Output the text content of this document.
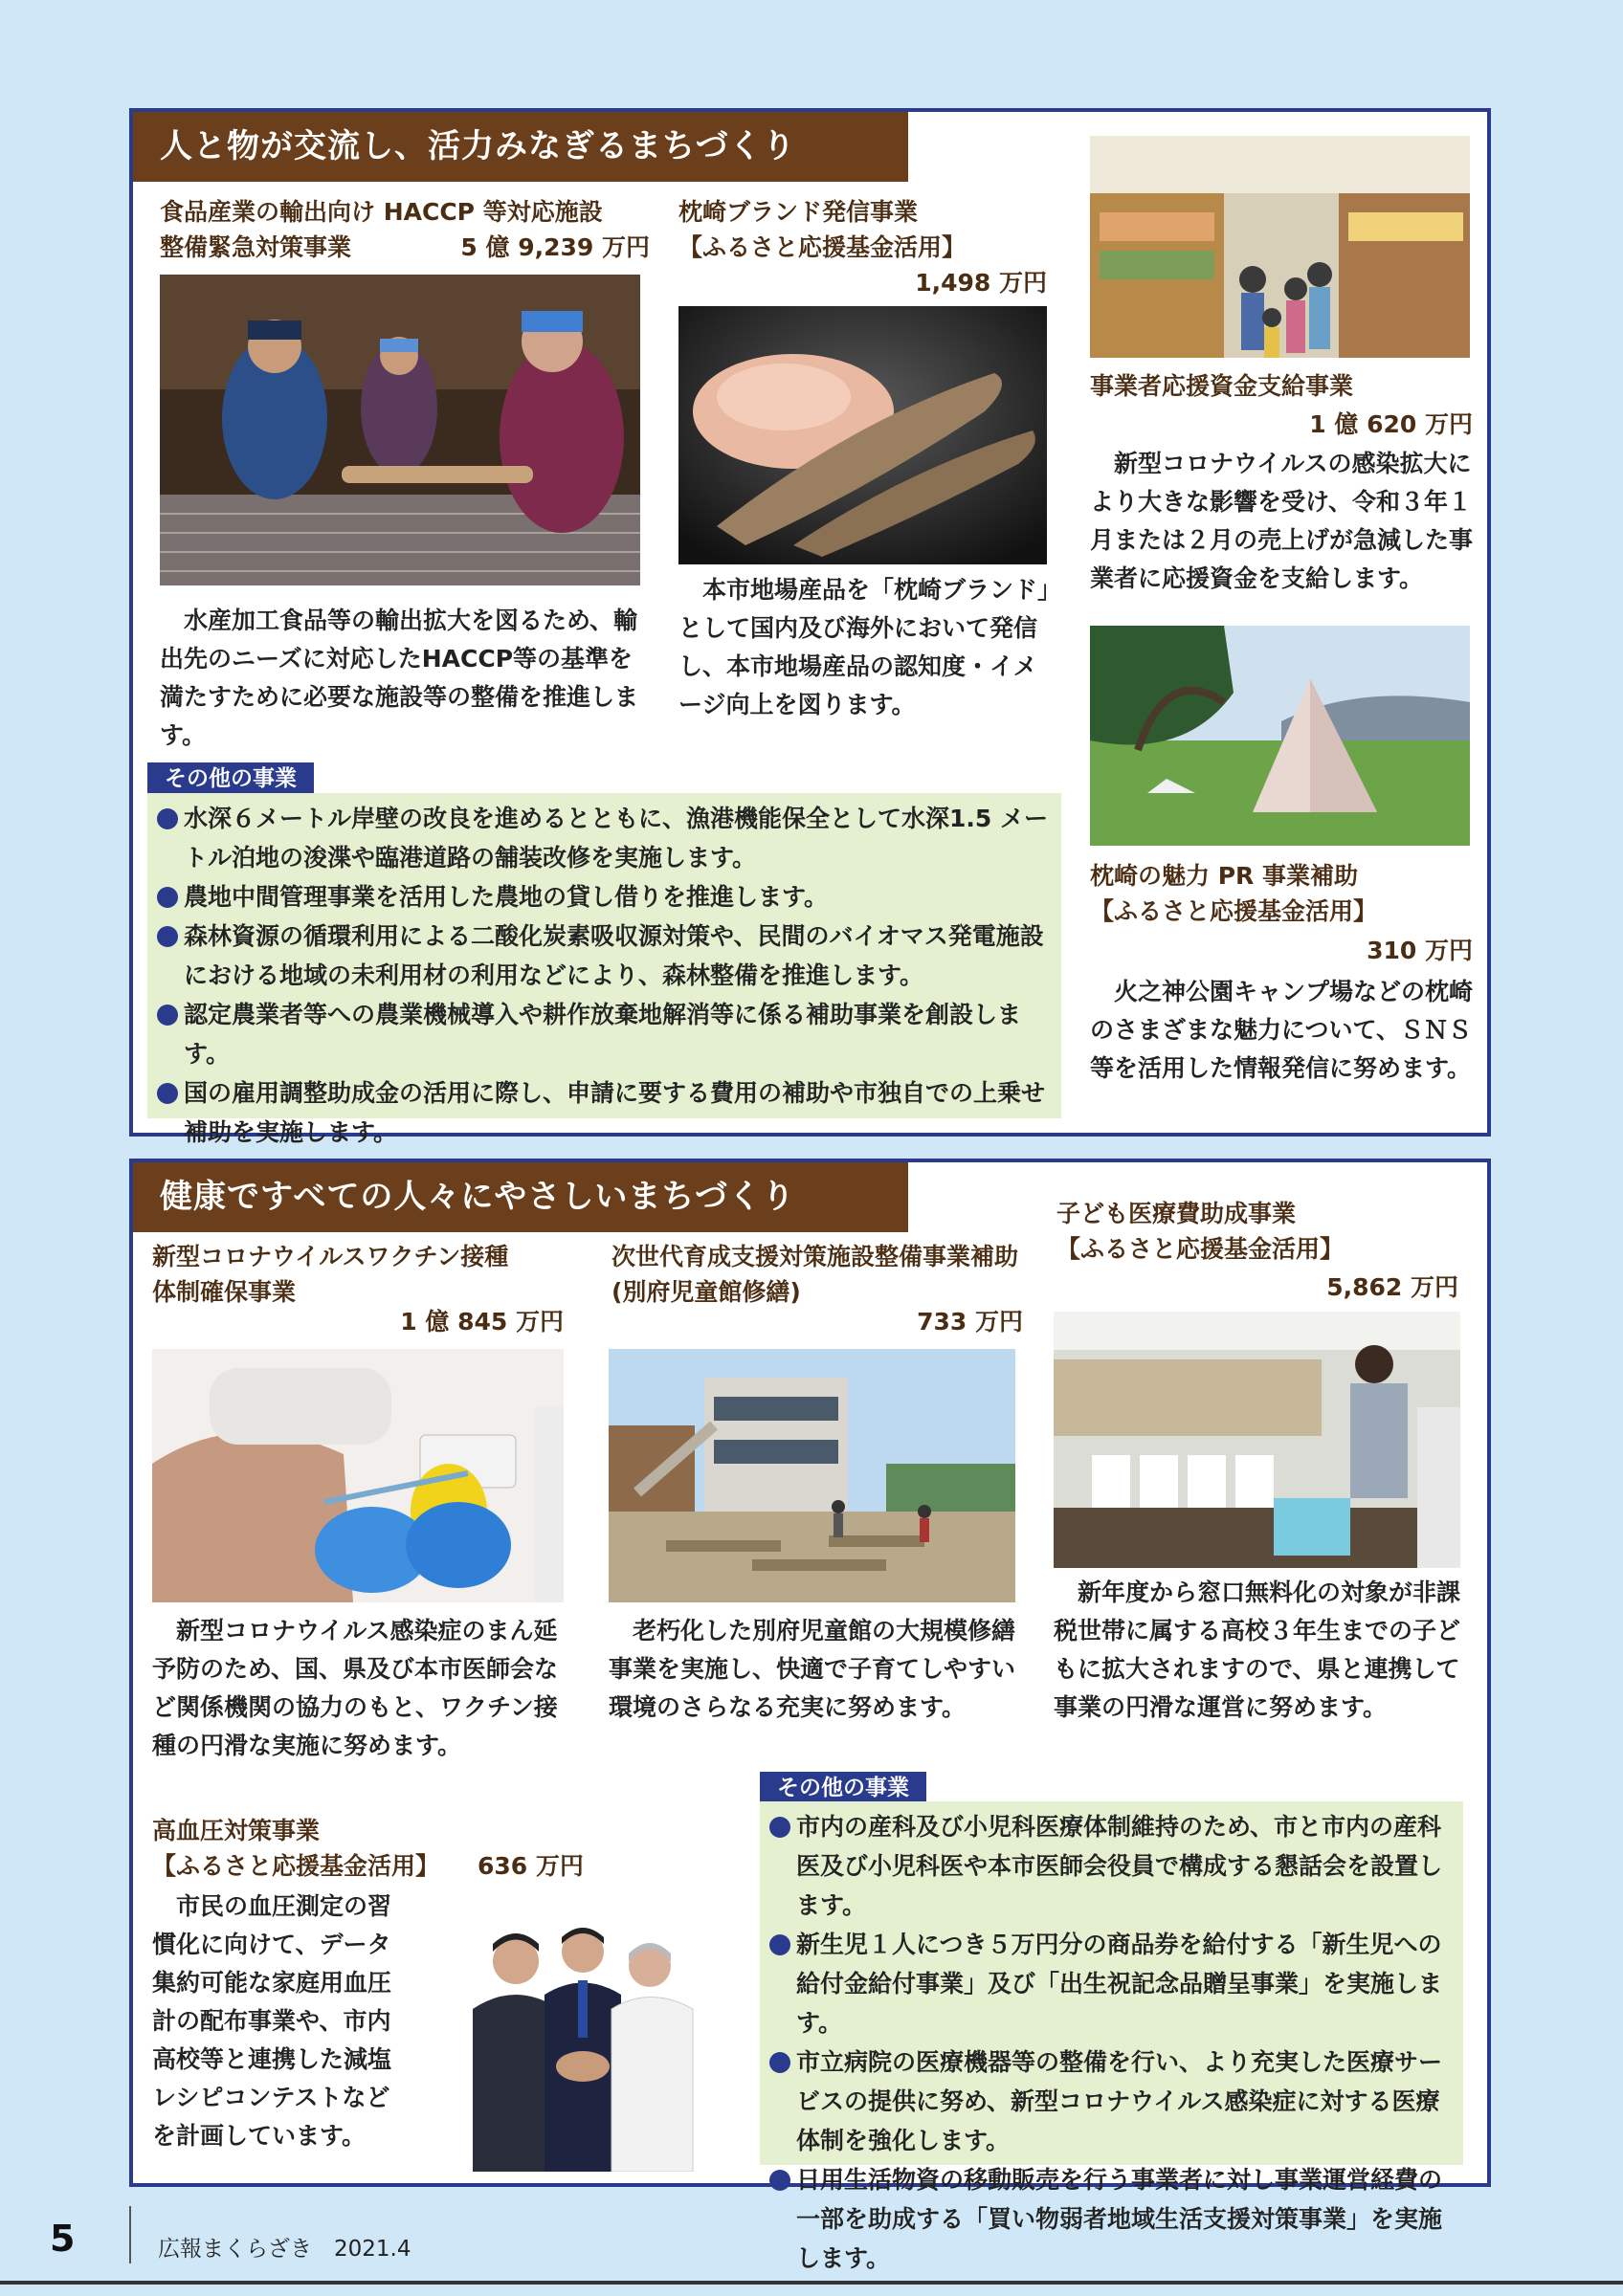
人と物が交流し、活力みなぎるまちづくり
食品産業の輸出向け HACCP 等対応施設
整備緊急対策事業	5 億 9,239 万円
水産加工食品等の輸出拡大を図るため、輸出先のニーズに対応したHACCP等の基準を満たすために必要な施設等の整備を推進します。
枕崎ブランド発信事業
【ふるさと応援基金活用】
1,498 万円
本市地場産品を「枕崎ブランド」として国内及び海外において発信し、本市地場産品の認知度・イメージ向上を図ります。
事業者応援資金支給事業
1 億 620 万円
新型コロナウイルスの感染拡大により大きな影響を受け、令和３年１月または２月の売上げが急減した事業者に応援資金を支給します。
枕崎の魅力 PR 事業補助
【ふるさと応援基金活用】
310 万円
火之神公園キャンプ場などの枕崎のさまざまな魅力について、ＳＮＳ等を活用した情報発信に努めます。
その他の事業
水深６メートル岸壁の改良を進めるとともに、漁港機能保全として水深1.5 メートル泊地の浚渫や臨港道路の舗装改修を実施します。
農地中間管理事業を活用した農地の貸し借りを推進します。
森林資源の循環利用による二酸化炭素吸収源対策や、民間のバイオマス発電施設における地域の未利用材の利用などにより、森林整備を推進します。
認定農業者等への農業機械導入や耕作放棄地解消等に係る補助事業を創設します。
国の雇用調整助成金の活用に際し、申請に要する費用の補助や市独自での上乗せ補助を実施します。
健康ですべての人々にやさしいまちづくり
新型コロナウイルスワクチン接種
体制確保事業
1 億 845 万円
新型コロナウイルス感染症のまん延予防のため、国、県及び本市医師会など関係機関の協力のもと、ワクチン接種の円滑な実施に努めます。
次世代育成支援対策施設整備事業補助
(別府児童館修繕)
733 万円
老朽化した別府児童館の大規模修繕事業を実施し、快適で子育てしやすい環境のさらなる充実に努めます。
子ども医療費助成事業
【ふるさと応援基金活用】
5,862 万円
新年度から窓口無料化の対象が非課税世帯に属する高校３年生までの子どもに拡大されますので、県と連携して事業の円滑な運営に努めます。
高血圧対策事業
【ふるさと応援基金活用】	636 万円
市民の血圧測定の習
慣化に向けて、データ
集約可能な家庭用血圧
計の配布事業や、市内
高校等と連携した減塩
レシピコンテストなど
を計画しています。
その他の事業
市内の産科及び小児科医療体制維持のため、市と市内の産科医及び小児科医や本市医師会役員で構成する懇話会を設置します。
新生児１人につき５万円分の商品券を給付する「新生児への給付金給付事業」及び「出生祝記念品贈呈事業」を実施します。
市立病院の医療機器等の整備を行い、より充実した医療サービスの提供に努め、新型コロナウイルス感染症に対する医療体制を強化します。
日用生活物資の移動販売を行う事業者に対し事業運営経費の一部を助成する「買い物弱者地域生活支援対策事業」を実施します。
5	広報まくらざき　2021.4
